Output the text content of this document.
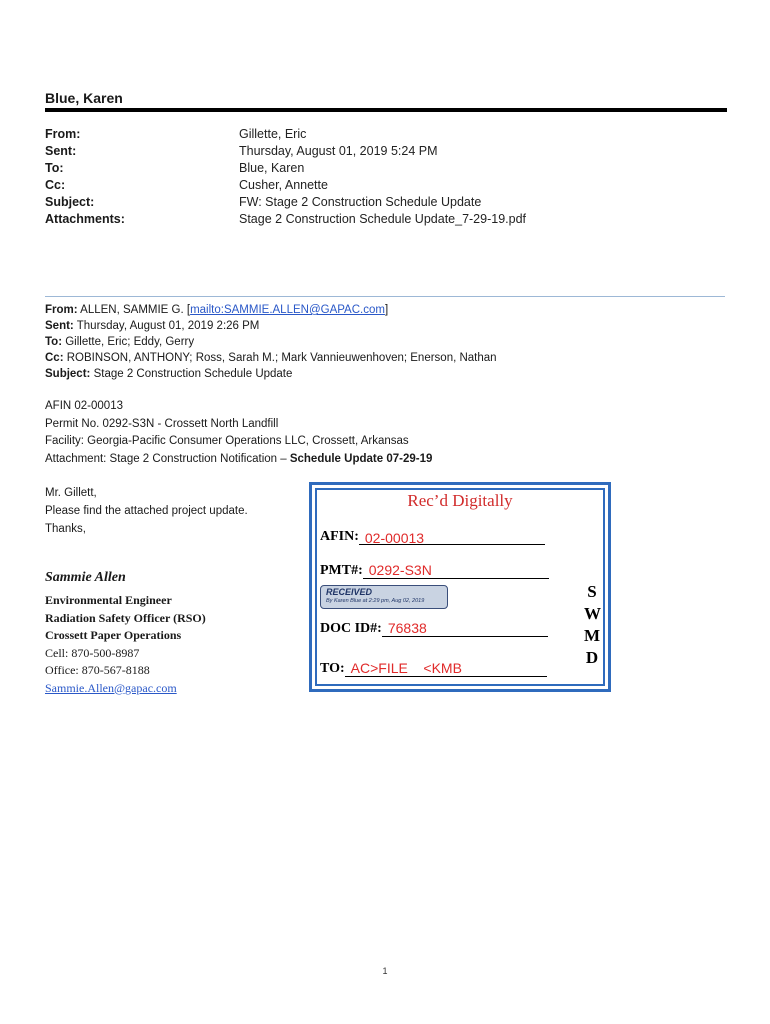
Blue, Karen
From:	Gillette, Eric
Sent:	Thursday, August 01, 2019 5:24 PM
To:	Blue, Karen
Cc:	Cusher, Annette
Subject:	FW: Stage 2 Construction Schedule Update
Attachments:	Stage 2 Construction Schedule Update_7-29-19.pdf
From: ALLEN, SAMMIE G. [mailto:SAMMIE.ALLEN@GAPAC.com]
Sent: Thursday, August 01, 2019 2:26 PM
To: Gillette, Eric; Eddy, Gerry
Cc: ROBINSON, ANTHONY; Ross, Sarah M.; Mark Vannieuwenhoven; Enerson, Nathan
Subject: Stage 2 Construction Schedule Update
AFIN 02-00013
Permit No. 0292-S3N - Crossett North Landfill
Facility: Georgia-Pacific Consumer Operations LLC, Crossett, Arkansas
Attachment: Stage 2 Construction Notification – Schedule Update 07-29-19
Mr. Gillett,
Please find the attached project update.
Thanks,
Sammie Allen
Environmental Engineer
Radiation Safety Officer (RSO)
Crossett Paper Operations
Cell: 870-500-8987
Office: 870-567-8188
Sammie.Allen@gapac.com
Rec’d Digitally
AFIN: 02-00013
PMT#: 0292-S3N
RECEIVED
By Karen Blue at 2:29 pm, Aug 02, 2019
DOC ID#: 76838
TO: AC>FILE    <KMB
S
W
M
D
1
